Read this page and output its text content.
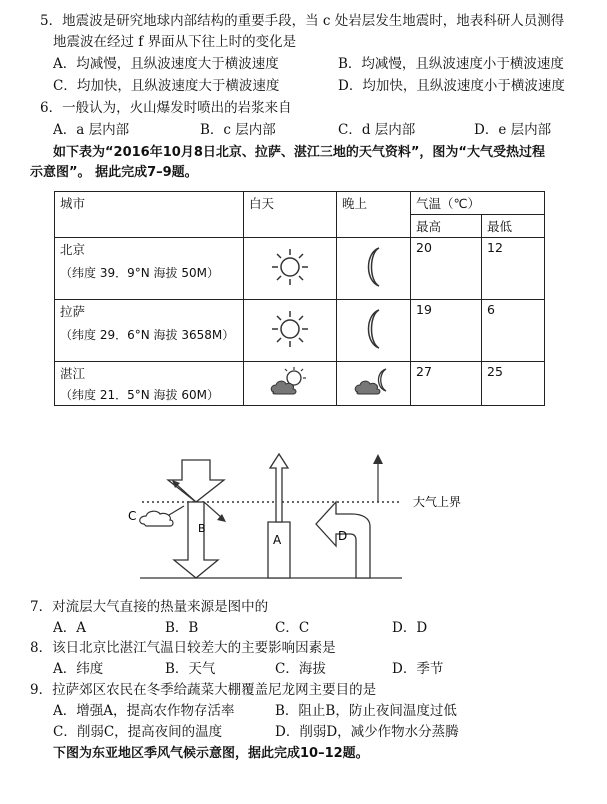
5．地震波是研究地球内部结构的重要手段，当 c 处岩层发生地震时，地表科研人员测得
地震波在经过 f 界面从下往上时的变化是
A．均减慢，且纵波速度大于横波速度	B．均减慢，且纵波速度小于横波速度
C．均加快，且纵波速度大于横波速度	D．均加快，且纵波速度小于横波速度
6．一般认为，火山爆发时喷出的岩浆来自
A．a 层内部	B．c 层内部	C．d 层内部	D．e 层内部
如下表为“2016年10月8日北京、拉萨、湛江三地的天气资料”，图为“大气受热过程
示意图”。 据此完成7–9题。
城市	白天	晚上	气温（℃）	
			最高	最低

北京
（纬度 39．9°N 海拔 50M）			20	12

拉萨
（纬度 29．6°N 海拔 3658M）			19	6

湛江
（纬度 21．5°N 海拔 60M）			27	25
B
A
C
D
大气上界
7．对流层大气直接的热量来源是图中的
A．A	B．B	C．C	D．D
8．该日北京比湛江气温日较差大的主要影响因素是
A．纬度	B．天气	C．海拔	D．季节
9．拉萨郊区农民在冬季给蔬菜大棚覆盖尼龙网主要目的是
A．增强A，提高农作物存活率	B．阻止B，防止夜间温度过低
C．削弱C，提高夜间的温度	D．削弱D，减少作物水分蒸腾
下图为东亚地区季风气候示意图，据此完成10–12题。
